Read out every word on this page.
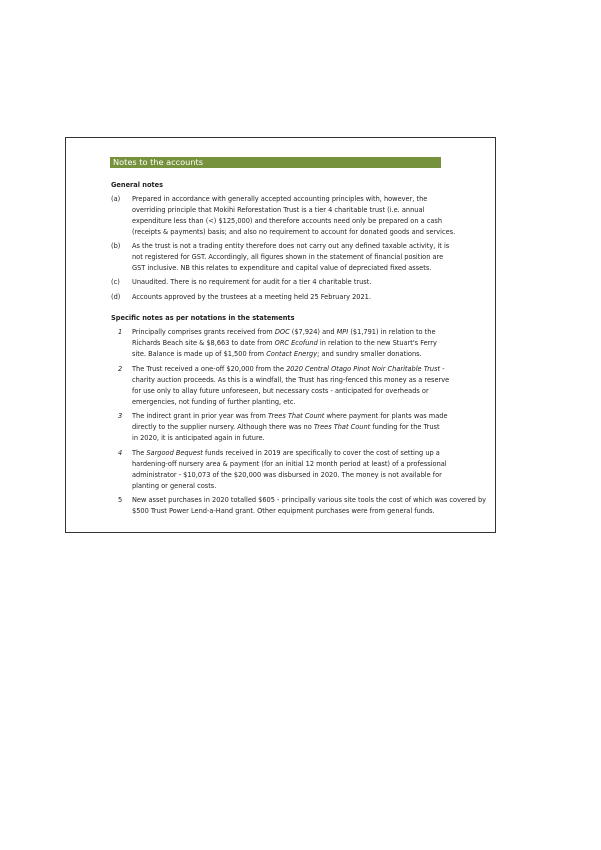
Notes to the accounts
General notes
(a) Prepared in accordance with generally accepted accounting principles with, however, the
overriding principle that Mokihi Reforestation Trust is a tier 4 charitable trust (i.e. annual
expenditure less than (<) $125,000) and therefore accounts need only be prepared on a cash
(receipts & payments) basis; and also no requirement to account for donated goods and services.
(b) As the trust is not a trading entity therefore does not carry out any defined taxable activity, it is
not registered for GST. Accordingly, all figures shown in the statement of financial position are
GST inclusive. NB this relates to expenditure and capital value of depreciated fixed assets.
(c) Unaudited. There is no requirement for audit for a tier 4 charitable trust.
(d) Accounts approved by the trustees at a meeting held 25 February 2021.
Specific notes as per notations in the statements
1 Principally comprises grants received from DOC ($7,924) and MPI ($1,791) in relation to the
Richards Beach site & $8,663 to date from ORC Ecofund in relation to the new Stuart's Ferry
site. Balance is made up of $1,500 from Contact Energy; and sundry smaller donations.
2 The Trust received a one-off $20,000 from the 2020 Central Otago Pinot Noir Charitable Trust -
charity auction proceeds. As this is a windfall, the Trust has ring-fenced this money as a reserve
for use only to allay future unforeseen, but necessary costs - anticipated for overheads or
emergencies, not funding of further planting, etc.
3 The indirect grant in prior year was from Trees That Count where payment for plants was made
directly to the supplier nursery. Although there was no Trees That Count funding for the Trust
in 2020, it is anticipated again in future.
4 The Sargood Bequest funds received in 2019 are specifically to cover the cost of setting up a
hardening-off nursery area & payment (for an initial 12 month period at least) of a professional
administrator - $10,073 of the $20,000 was disbursed in 2020. The money is not available for
planting or general costs.
5 New asset purchases in 2020 totalled $605 - principally various site tools the cost of which was covered by
$500 Trust Power Lend-a-Hand grant. Other equipment purchases were from general funds.
